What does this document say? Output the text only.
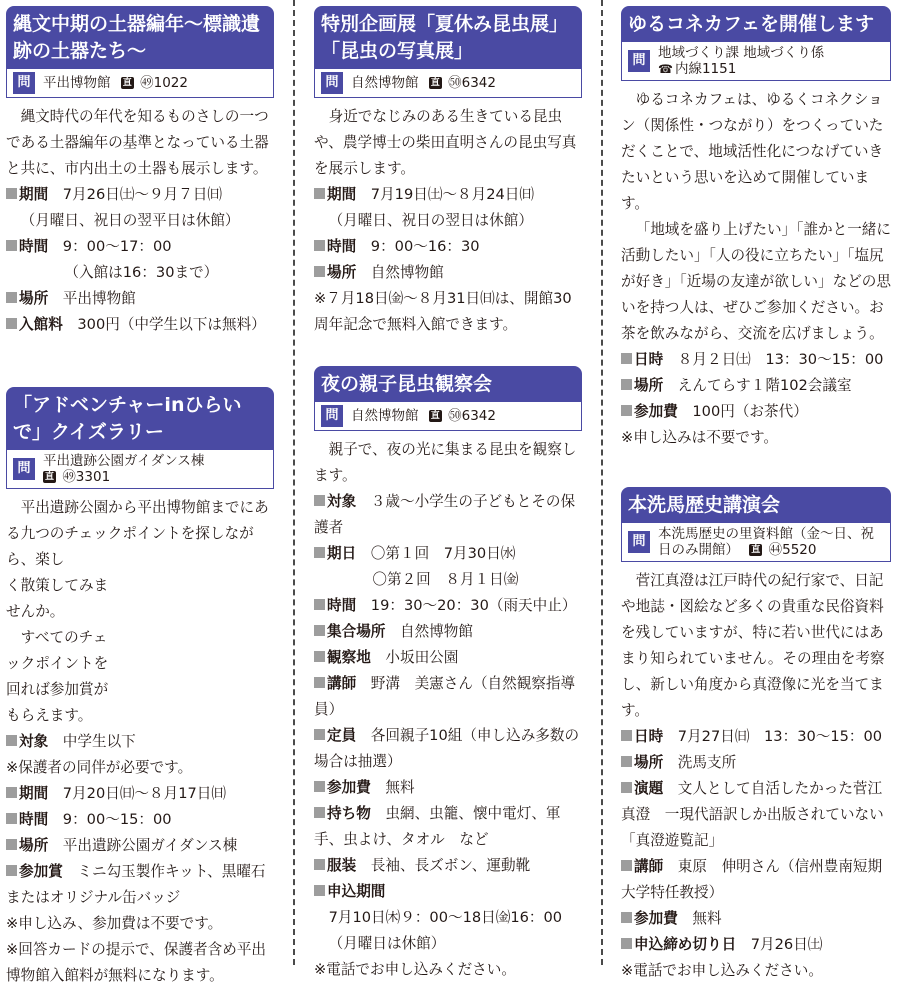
縄文中期の土器編年～標識遺跡の土器たち～
問 平出博物館 直 ㊾1022

縄文時代の年代を知るものさしの一つである土器編年の基準となっている土器と共に、市内出土の土器も展示します。

期間　7月26日㈯～９月７日㈰

（月曜日、祝日の翌平日は休館）

時間　9：00～17：00

（入館は16：30まで）

場所　平出博物館

入館料　300円（中学生以下は無料）

「アドベンチャーinひらいで」クイズラリー
問 平出遺跡公園ガイダンス棟
直 ㊾3301

平出遺跡公園から平出博物館までにある九つのチェックポイントを探しながら、楽し

く散策してみま

せんか。

すべてのチェ

ックポイントを

回れば参加賞が

もらえます。

対象　中学生以下

※保護者の同伴が必要です。

期間　7月20日㈰～８月17日㈰

時間　9：00～15：00

場所　平出遺跡公園ガイダンス棟

参加賞　ミニ勾玉製作キット、黒曜石またはオリジナル缶バッジ

※申し込み、参加費は不要です。

※回答カードの提示で、保護者含め平出博物館入館料が無料になります。

特別企画展「夏休み昆虫展」「昆虫の写真展」
問 自然博物館 直 ㊿6342

身近でなじみのある生きている昆虫や、農学博士の柴田直明さんの昆虫写真を展示します。

期間　7月19日㈯～８月24日㈰

（月曜日、祝日の翌日は休館）

時間　9：00～16：30

場所　自然博物館

※７月18日㈮～８月31日㈰は、開館30周年記念で無料入館できます。

夜の親子昆虫観察会
問 自然博物館 直 ㊿6342

親子で、夜の光に集まる昆虫を観察します。

対象　３歳～小学生の子どもとその保護者

期日　〇第１回　7月30日㈬

〇第２回　８月１日㈮

時間　19：30～20：30（雨天中止）

集合場所　自然博物館

観察地　小坂田公園

講師　野溝　美憲さん（自然観察指導員）

定員　各回親子10組（申し込み多数の場合は抽選）

参加費　無料

持ち物　虫網、虫籠、懐中電灯、軍手、虫よけ、タオル　など

服装　長袖、長ズボン、運動靴

申込期間

7月10日㈭９：00～18日㈮16：00

（月曜日は休館）

※電話でお申し込みください。

ゆるコネカフェを開催します
問 地域づくり課 地域づくり係
☎ 内線1151

ゆるコネカフェは、ゆるくコネクション（関係性・つながり）をつくっていただくことで、地域活性化につなげていきたいという思いを込めて開催しています。

「地域を盛り上げたい」「誰かと一緒に活動したい」「人の役に立ちたい」「塩尻が好き」「近場の友達が欲しい」などの思いを持つ人は、ぜひご参加ください。お茶を飲みながら、交流を広げましょう。

日時　８月２日㈯　13：30～15：00

場所　えんてらす１階102会議室

参加費　100円（お茶代）

※申し込みは不要です。

本洗馬歴史講演会
問 本洗馬歴史の里資料館（金～日、祝日のみ開館） 直 ㊹5520

菅江真澄は江戸時代の紀行家で、日記や地誌・図絵など多くの貴重な民俗資料を残していますが、特に若い世代にはあまり知られていません。その理由を考察し、新しい角度から真澄像に光を当てます。

日時　7月27日㈰　13：30～15：00

場所　洗馬支所

演題　文人として自活したかった菅江真澄　一現代語訳しか出版されていない「真澄遊覧記」

講師　東原　伸明さん（信州豊南短期大学特任教授）

参加費　無料

申込締め切り日　7月26日㈯

※電話でお申し込みください。
